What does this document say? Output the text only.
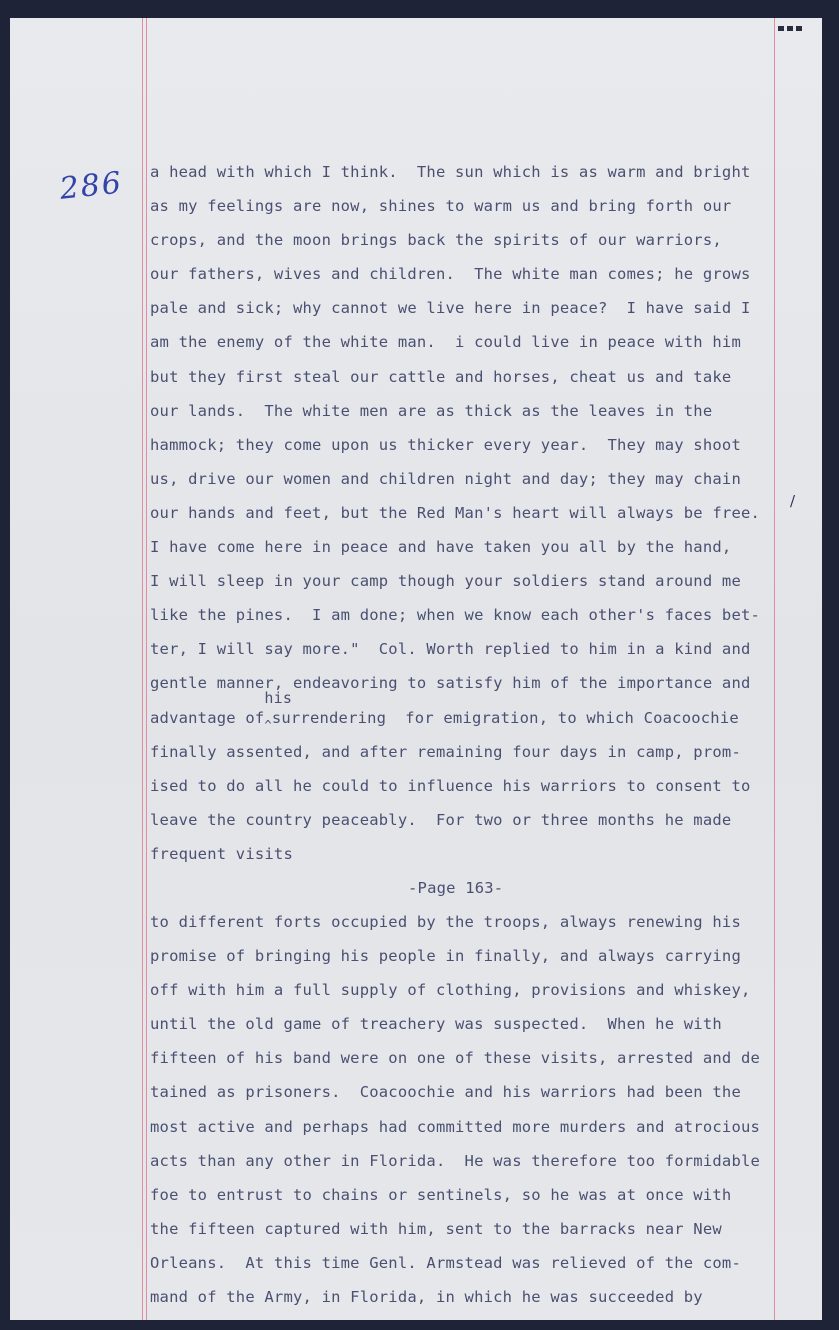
286 a head with which I think.  The sun which is as warm and bright
as my feelings are now, shines to warm us and bring forth our
crops, and the moon brings back the spirits of our warriors,
our fathers, wives and children.  The white man comes; he grows
pale and sick; why cannot we live here in peace?  I have said I
am the enemy of the white man.  i could live in peace with him
but they first steal our cattle and horses, cheat us and take
our lands.  The white men are as thick as the leaves in the
hammock; they come upon us thicker every year.  They may shoot
us, drive our women and children night and day; they may chain
our hands and feet, but the Red Man's heart will always be free.
I have come here in peace and have taken you all by the hand,
I will sleep in your camp though your soldiers stand around me
like the pines.  I am done; when we know each other's faces bet-
ter, I will say more."  Col. Worth replied to him in a kind and
gentle manner, endeavoring to satisfy him of the importance and
advantage of
his
^surrendering  for emigration, to which Coacoochie
finally assented, and after remaining four days in camp, prom-
ised to do all he could to influence his warriors to consent to
leave the country peaceably.  For two or three months he made
frequent visits
-Page 163-
to different forts occupied by the troops, always renewing his
promise of bringing his people in finally, and always carrying
off with him a full supply of clothing, provisions and whiskey,
until the old game of treachery was suspected.  When he with
fifteen of his band were on one of these visits, arrested and de
tained as prisoners.  Coacoochie and his warriors had been the
most active and perhaps had committed more murders and atrocious
acts than any other in Florida.  He was therefore too formidable
foe to entrust to chains or sentinels, so he was at once with
the fifteen captured with him, sent to the barracks near New
Orleans.  At this time Genl. Armstead was relieved of the com-
mand of the Army, in Florida, in which he was succeeded by
/
